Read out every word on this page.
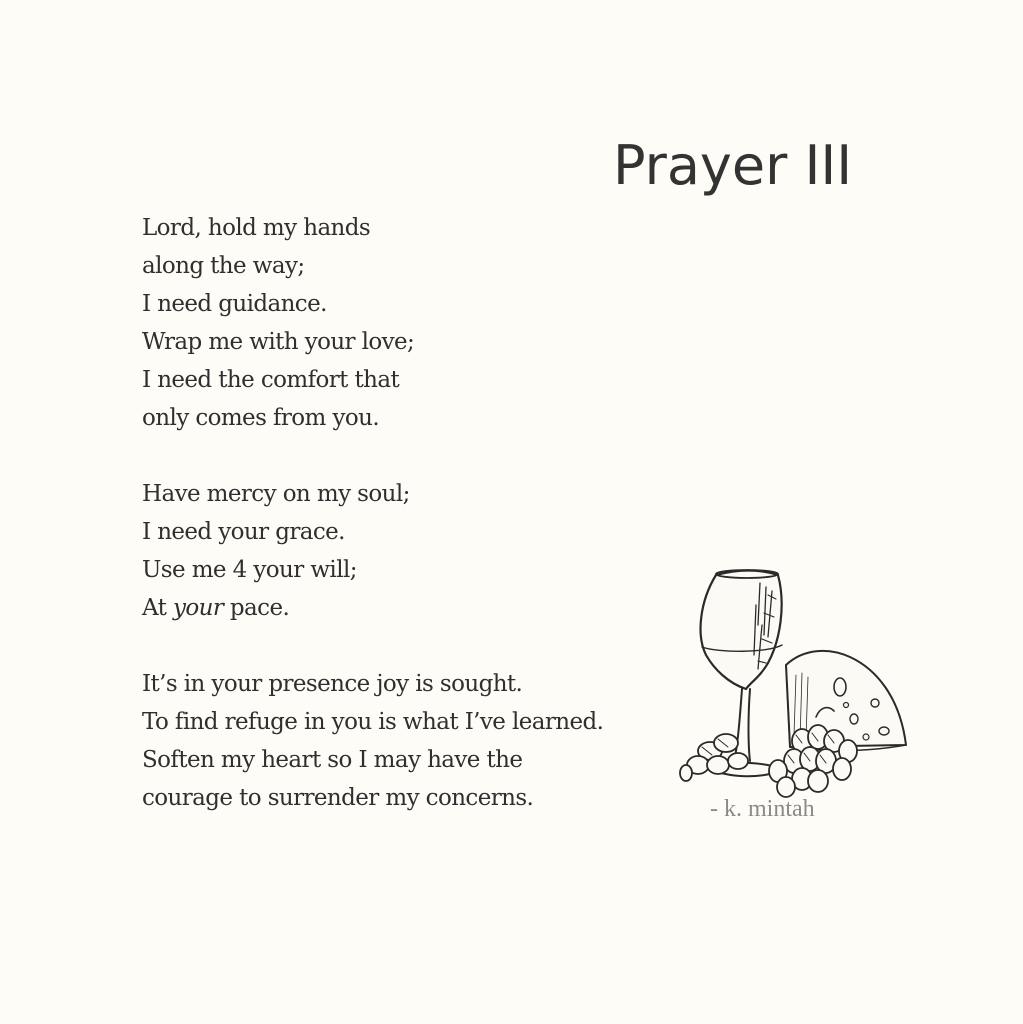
Prayer III
Lord, hold my hands
along the way;
I need guidance.
Wrap me with your love;
I need the comfort that
only comes from you.
Have mercy on my soul;
I need your grace.
Use me 4 your will;
At your pace.
It’s in your presence joy is sought.
To find refuge in you is what I’ve learned.
Soften my heart so I may have the
courage to surrender my concerns.	- k. mintah
